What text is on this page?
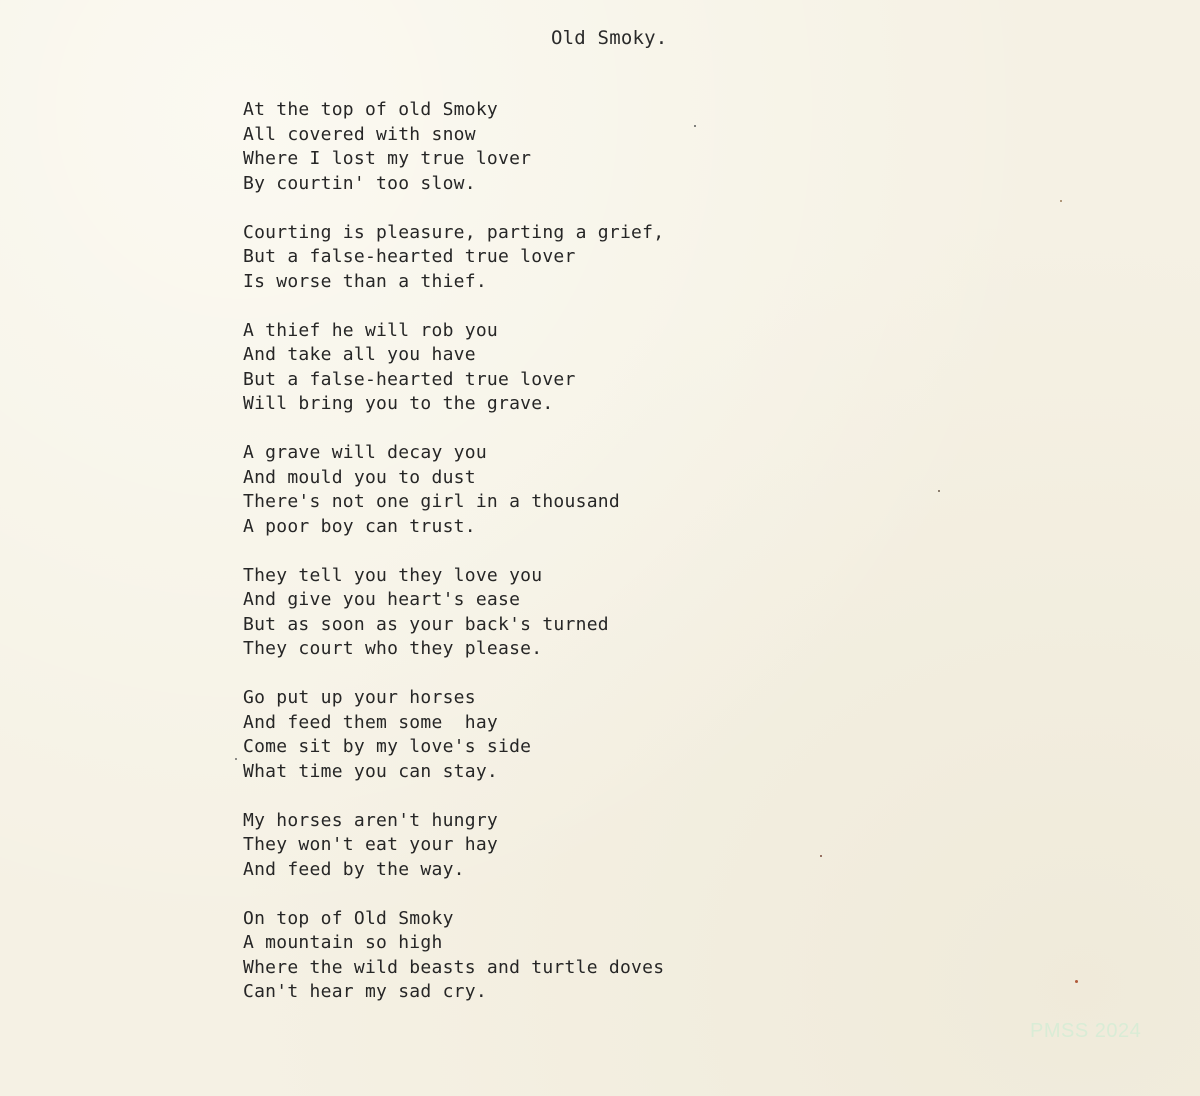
Old Smoky.
At the top of old Smoky
All covered with snow
Where I lost my true lover
By courtin' too slow.
Courting is pleasure, parting a grief,
But a false-hearted true lover
Is worse than a thief.
A thief he will rob you
And take all you have
But a false-hearted true lover
Will bring you to the grave.
A grave will decay you
And mould you to dust
There's not one girl in a thousand
A poor boy can trust.
They tell you they love you
And give you heart's ease
But as soon as your back's turned
They court who they please.
Go put up your horses
And feed them some  hay
Come sit by my love's side
What time you can stay.
My horses aren't hungry
They won't eat your hay
And feed by the way.
On top of Old Smoky
A mountain so high
Where the wild beasts and turtle doves
Can't hear my sad cry.
PMSS 2024
